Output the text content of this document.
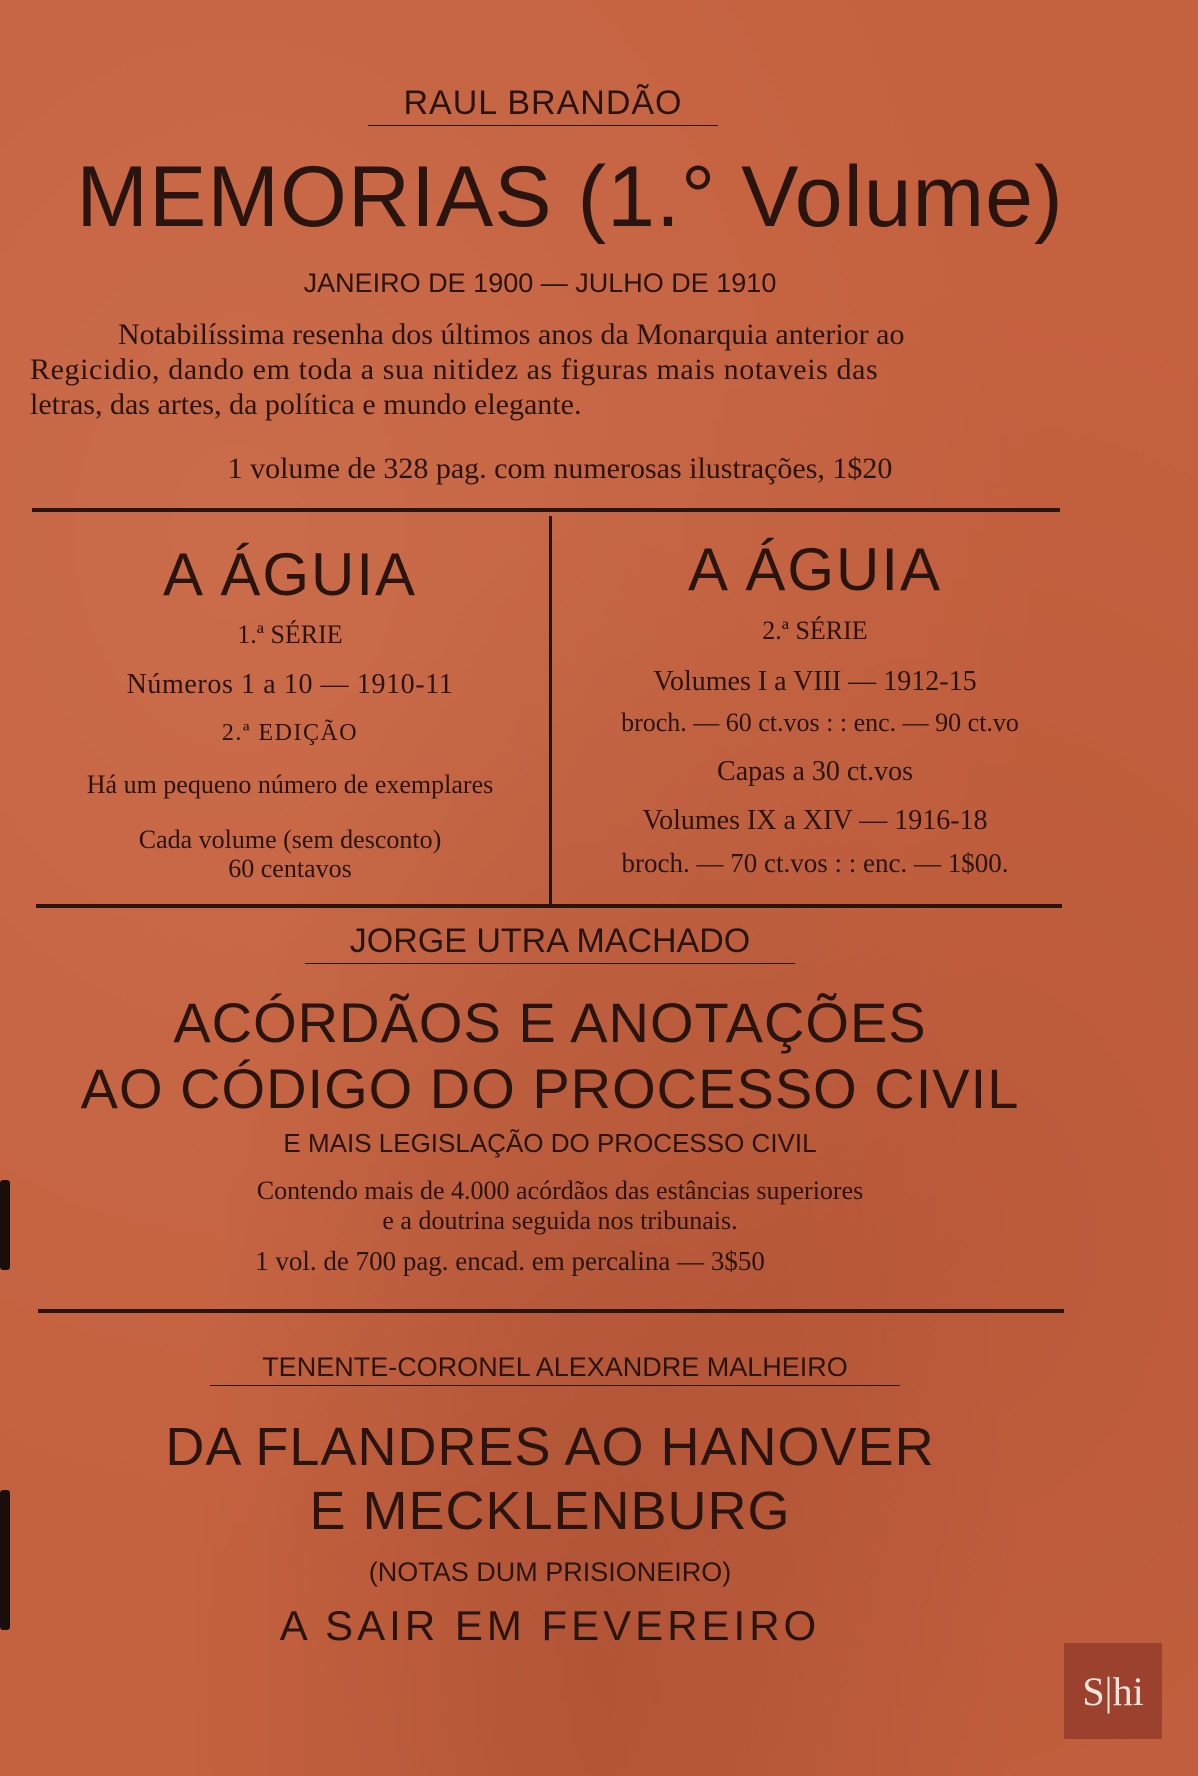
RAUL BRANDÃO
MEMORIAS (1.° Volume)
JANEIRO DE 1900 — JULHO DE 1910
Notabilíssima resenha dos últimos anos da Monarquia anterior ao
Regicidio, dando em toda a sua nitidez as figuras mais notaveis das
letras, das artes, da política e mundo elegante.
1 volume de 328 pag. com numerosas ilustrações, 1$20
A ÁGUIA
1.ª SÉRIE
Números 1 a 10 — 1910-11
2.ª EDIÇÃO
Há um pequeno número de exemplares
Cada volume (sem desconto)
60 centavos
A ÁGUIA
2.ª SÉRIE
Volumes I a VIII — 1912-15
broch. — 60 ct.vos : : enc. — 90 ct.vo
Capas a 30 ct.vos
Volumes IX a XIV — 1916-18
broch. — 70 ct.vos : : enc. — 1$00.
JORGE UTRA MACHADO
ACÓRDÃOS E ANOTAÇÕES
AO CÓDIGO DO PROCESSO CIVIL
E MAIS LEGISLAÇÃO DO PROCESSO CIVIL
Contendo mais de 4.000 acórdãos das estâncias superiores
e a doutrina seguida nos tribunais.
1 vol. de 700 pag. encad. em percalina — 3$50
TENENTE-CORONEL ALEXANDRE MALHEIRO
DA FLANDRES AO HANOVER
E MECKLENBURG
(NOTAS DUM PRISIONEIRO)
A SAIR EM FEVEREIRO
S|hi
